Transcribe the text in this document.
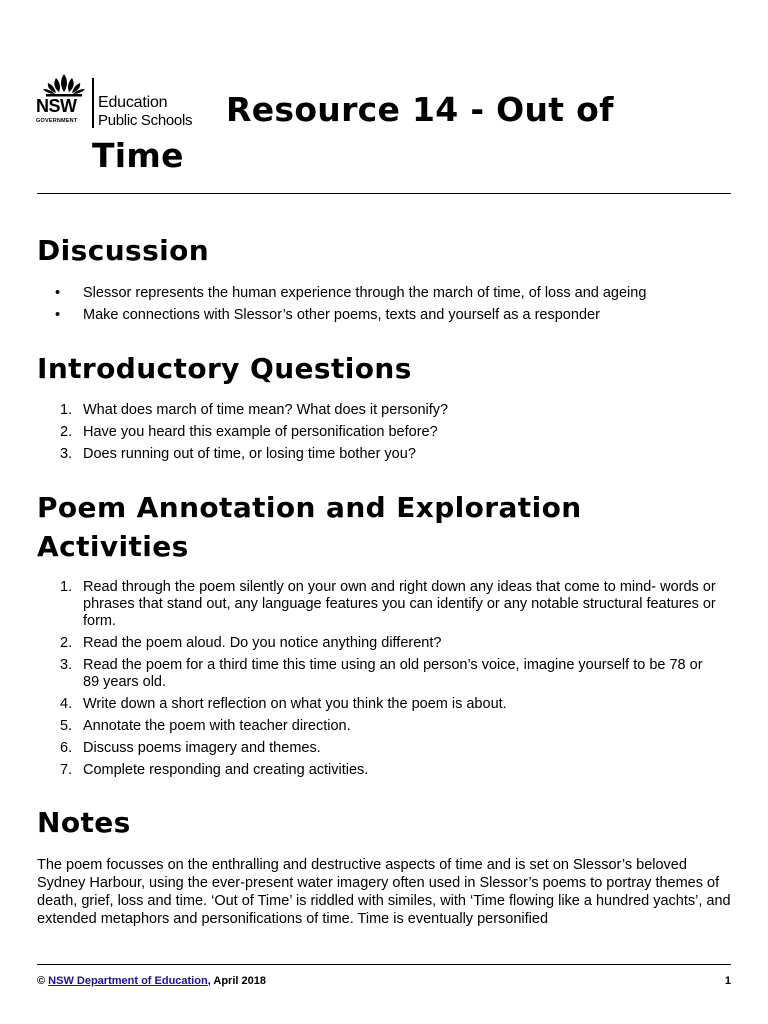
NSW
GOVERNMENT
Education
Public Schools Resource 14 - Out of
Time
Discussion
• Slessor represents the human experience through the march of time, of loss and ageing
• Make connections with Slessor’s other poems, texts and yourself as a responder
Introductory Questions
1. What does march of time mean? What does it personify?
2. Have you heard this example of personification before?
3. Does running out of time, or losing time bother you?
Poem Annotation and Exploration Activities
1. Read through the poem silently on your own and right down any ideas that come to mind- words or phrases that stand out, any language features you can identify or any notable structural features or form.
2. Read the poem aloud. Do you notice anything different?
3. Read the poem for a third time this time using an old person’s voice, imagine yourself to be 78 or 89 years old.
4. Write down a short reflection on what you think the poem is about.
5. Annotate the poem with teacher direction.
6. Discuss poems imagery and themes.
7. Complete responding and creating activities.
Notes

The poem focusses on the enthralling and destructive aspects of time and is set on Slessor’s beloved Sydney Harbour, using the ever-present water imagery often used in Slessor’s poems to portray themes of death, grief, loss and time. ‘Out of Time’ is riddled with similes, with ‘Time flowing like a hundred yachts’, and extended metaphors and personifications of time. Time is eventually personified

© NSW Department of Education, April 2018	1
